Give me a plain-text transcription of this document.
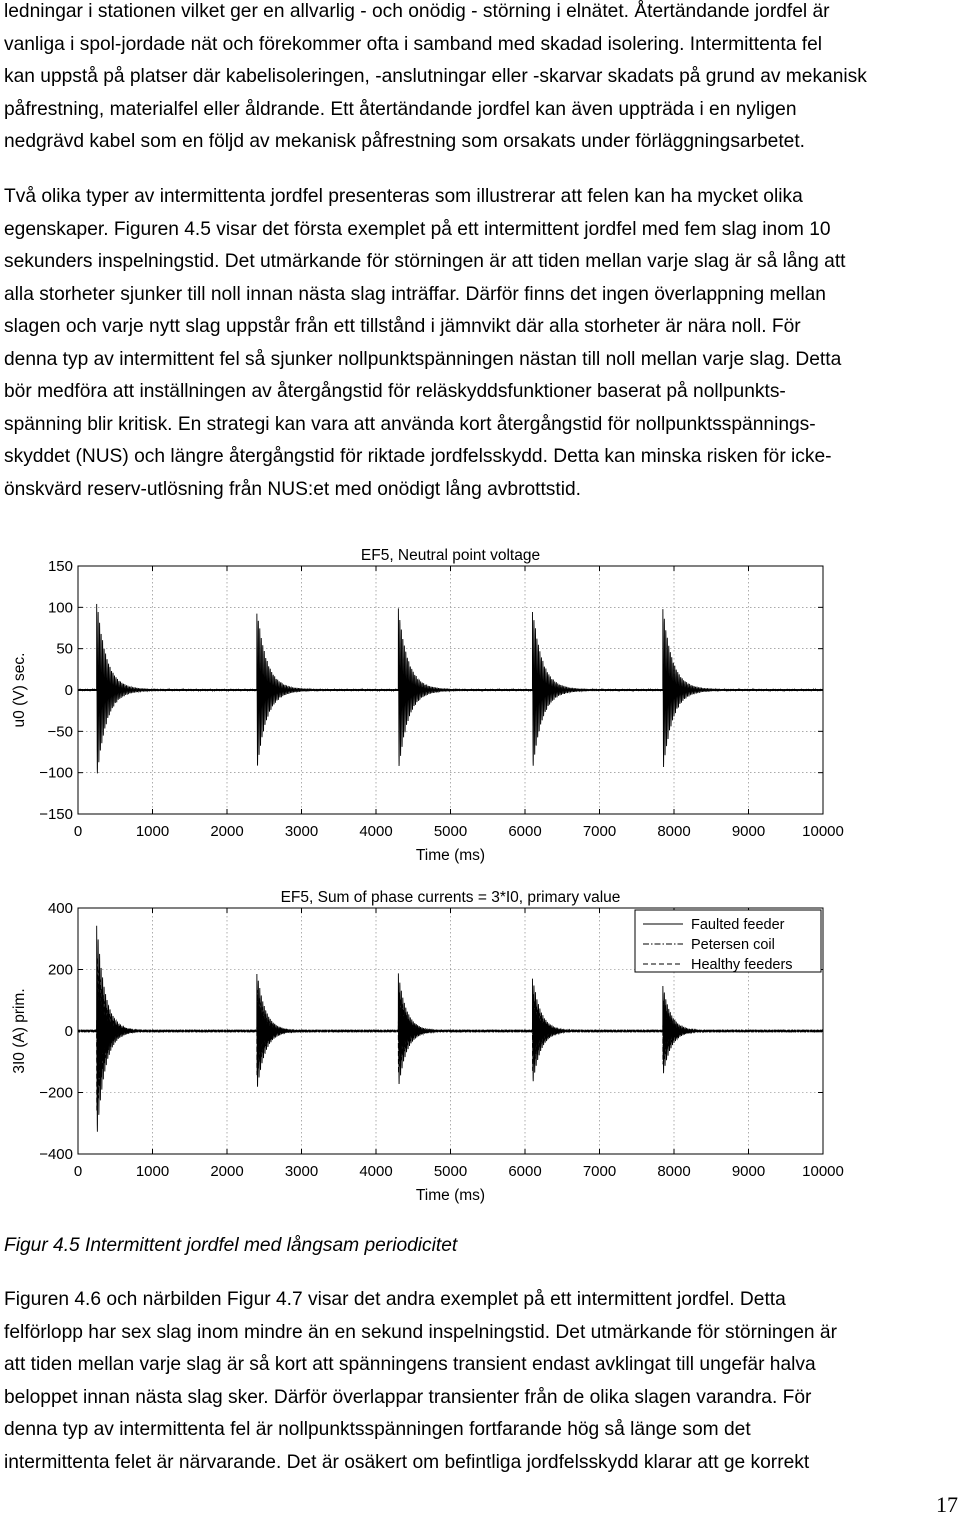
ledningar i stationen vilket ger en allvarlig - och onödig - störning i elnätet. Återtändande jordfel är
vanliga i spol-jordade nät och förekommer ofta i samband med skadad isolering. Intermittenta fel
kan uppstå på platser där kabelisoleringen, -anslutningar eller -skarvar skadats på grund av mekanisk
påfrestning, materialfel eller åldrande. Ett återtändande jordfel kan även uppträda i en nyligen
nedgrävd kabel som en följd av mekanisk påfrestning som orsakats under förläggningsarbetet.
Två olika typer av intermittenta jordfel presenteras som illustrerar att felen kan ha mycket olika
egenskaper. Figuren 4.5 visar det första exemplet på ett intermittent jordfel med fem slag inom 10
sekunders inspelningstid. Det utmärkande för störningen är att tiden mellan varje slag är så lång att
alla storheter sjunker till noll innan nästa slag inträffar. Därför finns det ingen överlappning mellan
slagen och varje nytt slag uppstår från ett tillstånd i jämnvikt där alla storheter är nära noll. För
denna typ av intermittent fel så sjunker nollpunktspänningen nästan till noll mellan varje slag. Detta
bör medföra att inställningen av återgångstid för reläskyddsfunktioner baserat på nollpunkts-
spänning blir kritisk. En strategi kan vara att använda kort återgångstid för nollpunktsspännings-
skyddet (NUS) och längre återgångstid för riktade jordfelsskydd. Detta kan minska risken för icke-
önskvärd reserv-utlösning från NUS:et med onödigt lång avbrottstid.
0	1000	2000	3000	4000	5000	6000	7000	8000	9000 10000
150
100
50
0
−50
−100
−150
EF5, Neutral point voltage
Time (ms)
u0 (V) sec.
0	1000	2000	3000	4000	5000	6000	7000	8000	9000 10000
400
200
0
−200
−400
EF5, Sum of phase currents = 3*I0, primary value
Time (ms)
3I0 (A) prim.
Faulted feeder
Petersen coil
Healthy feeders

Figur 4.5 Intermittent jordfel med långsam periodicitet

Figuren 4.6 och närbilden Figur 4.7 visar det andra exemplet på ett intermittent jordfel. Detta
felförlopp har sex slag inom mindre än en sekund inspelningstid. Det utmärkande för störningen är
att tiden mellan varje slag är så kort att spänningens transient endast avklingat till ungefär halva
beloppet innan nästa slag sker. Därför överlappar transienter från de olika slagen varandra. För
denna typ av intermittenta fel är nollpunktsspänningen fortfarande hög så länge som det
intermittenta felet är närvarande. Det är osäkert om befintliga jordfelsskydd klarar att ge korrekt
17
